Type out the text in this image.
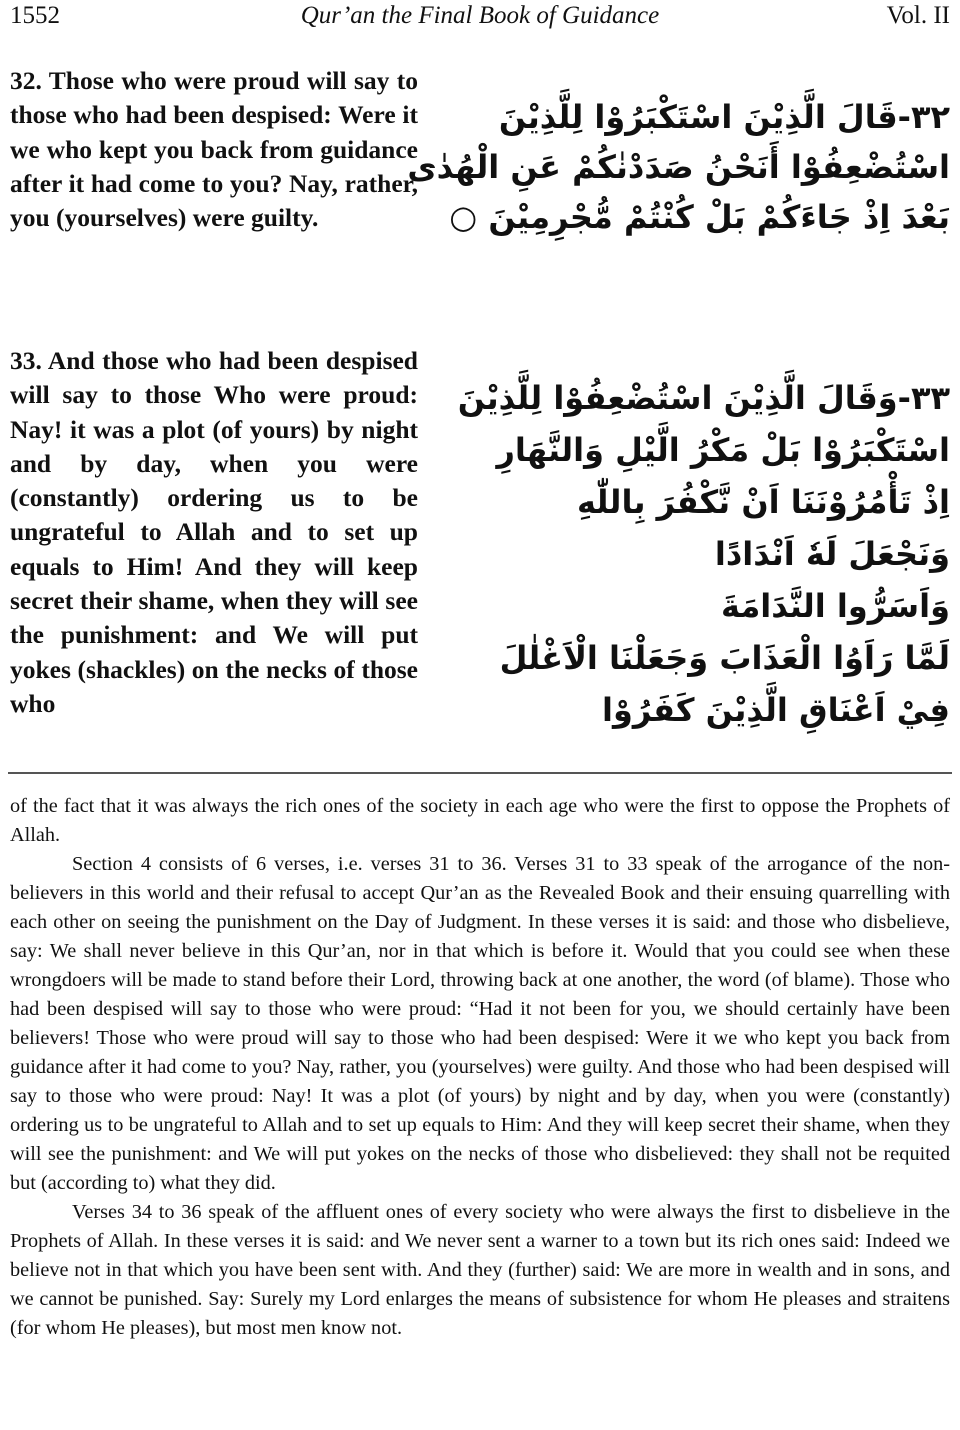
1552	Qur’an the Final Book of Guidance	Vol. II

32. Those who were proud will say to those who had been despised: Were it we who kept you back from guidance after it had come to you? Nay, rather, you (yourselves) were guilty.

٣٢-قَالَ الَّذِيْنَ اسْتَكْبَرُوْا لِلَّذِيْنَ
اسْتُضْعِفُوْا أَنَحْنُ صَدَدْنٰكُمْ عَنِ الْهُدٰى
بَعْدَ اِذْ جَاءَكُمْ بَلْ كُنْتُمْ مُّجْرِمِيْنَ ○

33. And those who had been despised will say to those Who were proud: Nay! it was a plot (of yours) by night and by day, when you were (constantly) ordering us to be ungrateful to Allah and to set up equals to Him! And they will keep secret their shame, when they will see the punishment: and We will put yokes (shackles) on the necks of those who

٣٣-وَقَالَ الَّذِيْنَ اسْتُضْعِفُوْا لِلَّذِيْنَ
اسْتَكْبَرُوْا بَلْ مَكْرُ الَّيْلِ وَالنَّهَارِ
اِذْ تَأْمُرُوْنَنَا اَنْ نَّكْفُرَ بِاللّٰهِ
وَنَجْعَلَ لَهٗ اَنْدَادًا
وَاَسَرُّوا النَّدَامَةَ
لَمَّا رَاَوُا الْعَذَابَ وَجَعَلْنَا الْاَغْلٰلَ
فِيْ اَعْنَاقِ الَّذِيْنَ كَفَرُوْا

of the fact that it was always the rich ones of the society in each age who were the first to oppose the Prophets of Allah.

Section 4 consists of 6 verses, i.e. verses 31 to 36. Verses 31 to 33 speak of the arrogance of the non-believers in this world and their refusal to accept Qur’an as the Revealed Book and their ensuing quarrelling with each other on seeing the punishment on the Day of Judgment. In these verses it is said: and those who disbelieve, say: We shall never believe in this Qur’an, nor in that which is before it. Would that you could see when these wrongdoers will be made to stand before their Lord, throwing back at one another, the word (of blame). Those who had been despised will say to those who were proud: “Had it not been for you, we should certainly have been believers! Those who were proud will say to those who had been despised: Were it we who kept you back from guidance after it had come to you? Nay, rather, you (yourselves) were guilty. And those who had been despised will say to those who were proud: Nay! It was a plot (of yours) by night and by day, when you were (constantly) ordering us to be ungrateful to Allah and to set up equals to Him: And they will keep secret their shame, when they will see the punishment: and We will put yokes on the necks of those who disbelieved: they shall not be requited but (according to) what they did.

Verses 34 to 36 speak of the affluent ones of every society who were always the first to disbelieve in the Prophets of Allah. In these verses it is said: and We never sent a warner to a town but its rich ones said: Indeed we believe not in that which you have been sent with. And they (further) said: We are more in wealth and in sons, and we cannot be punished. Say: Surely my Lord enlarges the means of subsistence for whom He pleases and straitens (for whom He pleases), but most men know not.
